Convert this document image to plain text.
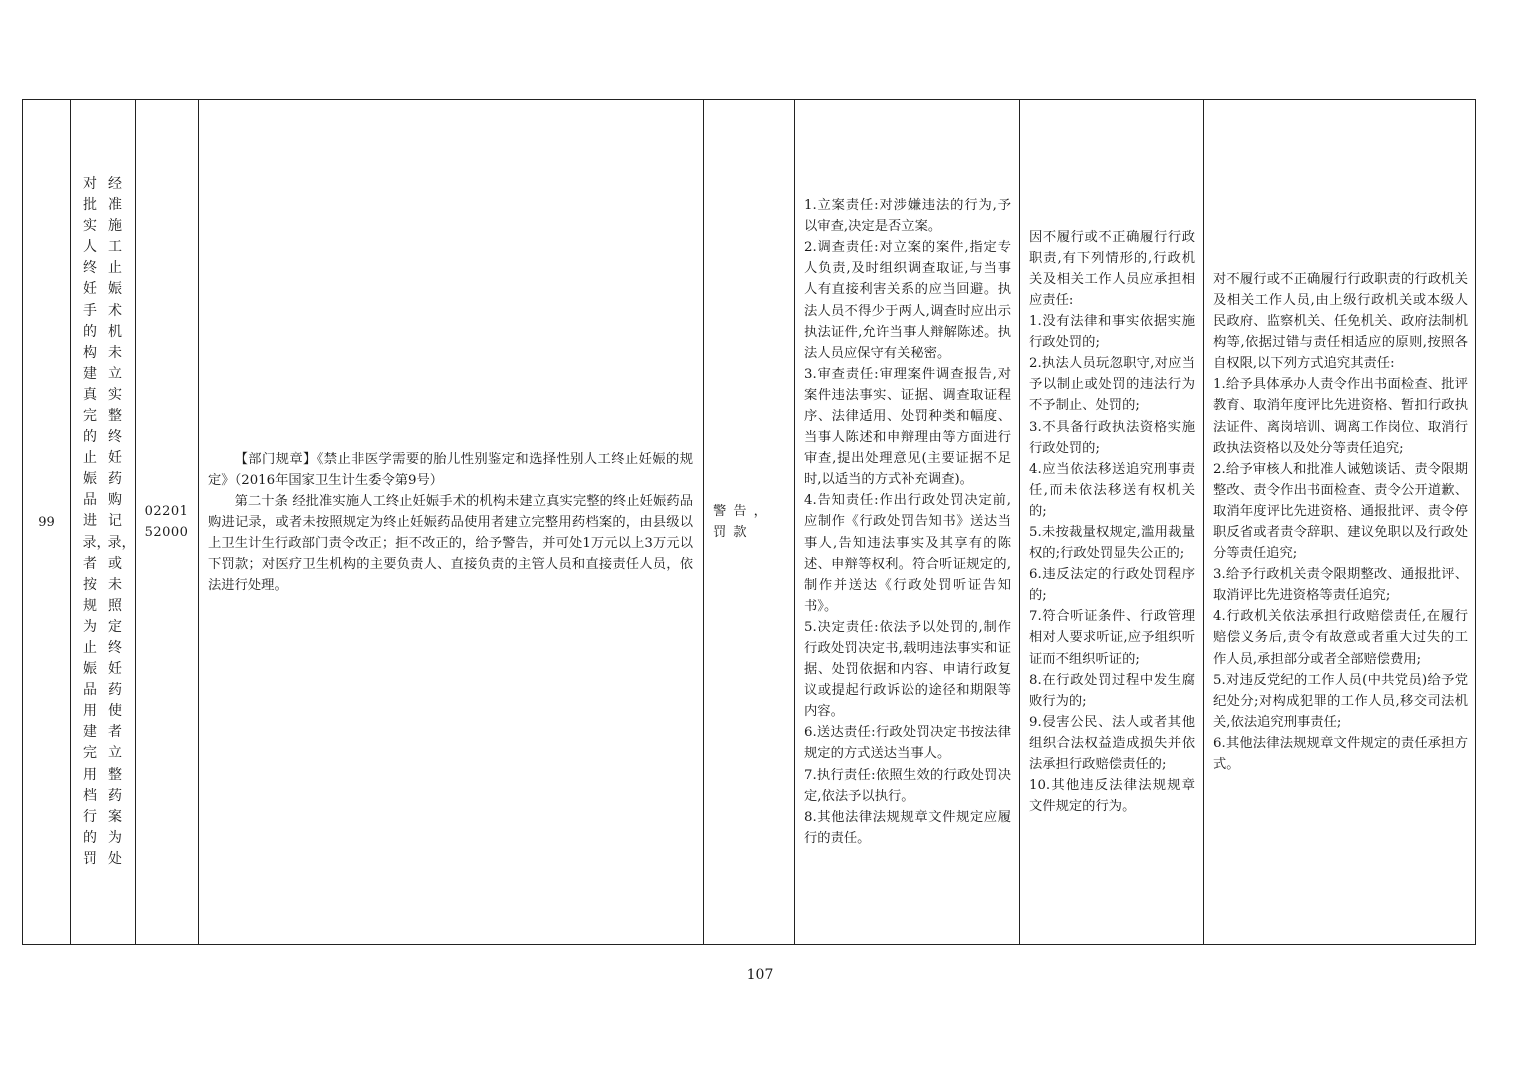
99
经准施工止娠术机未立实整终妊药购记录，或未照定终妊药使者立整药案为处
对批实人终妊手的构建真完的止娠品进录，者按规为止娠品用建完用档行的罚
02201
52000

【部门规章】《禁止非医学需要的胎儿性别鉴定和选择性别人工终止妊娠的规定》（2016年国家卫生计生委令第9号）

第二十条 经批准实施人工终止妊娠手术的机构未建立真实完整的终止妊娠药品购进记录，或者未按照规定为终止妊娠药品使用者建立完整用药档案的，由县级以上卫生计生行政部门责令改正；拒不改正的，给予警告，并可处1万元以上3万元以下罚款；对医疗卫生机构的主要负责人、直接负责的主管人员和直接责任人员，依法进行处理。

警告，罚款
1.立案责任:对涉嫌违法的行为,予以审查,决定是否立案。
2.调查责任:对立案的案件,指定专人负责,及时组织调查取证,与当事人有直接利害关系的应当回避。执法人员不得少于两人,调查时应出示执法证件,允许当事人辩解陈述。执法人员应保守有关秘密。
3.审查责任:审理案件调查报告,对案件违法事实、证据、调查取证程序、法律适用、处罚种类和幅度、当事人陈述和申辩理由等方面进行审查,提出处理意见(主要证据不足时,以适当的方式补充调查)。
4.告知责任:作出行政处罚决定前,应制作《行政处罚告知书》送达当事人,告知违法事实及其享有的陈述、申辩等权利。符合听证规定的,制作并送达《行政处罚听证告知书》。
5.决定责任:依法予以处罚的,制作行政处罚决定书,载明违法事实和证据、处罚依据和内容、申请行政复议或提起行政诉讼的途径和期限等内容。
6.送达责任:行政处罚决定书按法律规定的方式送达当事人。
7.执行责任:依照生效的行政处罚决定,依法予以执行。
8.其他法律法规规章文件规定应履行的责任。
因不履行或不正确履行行政职责,有下列情形的,行政机关及相关工作人员应承担相应责任:
1.没有法律和事实依据实施行政处罚的;
2.执法人员玩忽职守,对应当予以制止或处罚的违法行为不予制止、处罚的;
3.不具备行政执法资格实施行政处罚的;
4.应当依法移送追究刑事责任,而未依法移送有权机关的;
5.未按裁量权规定,滥用裁量权的;行政处罚显失公正的;
6.违反法定的行政处罚程序的;
7.符合听证条件、行政管理相对人要求听证,应予组织听证而不组织听证的;
8.在行政处罚过程中发生腐败行为的;
9.侵害公民、法人或者其他组织合法权益造成损失并依法承担行政赔偿责任的;
10.其他违反法律法规规章文件规定的行为。
对不履行或不正确履行行政职责的行政机关及相关工作人员,由上级行政机关或本级人民政府、监察机关、任免机关、政府法制机构等,依据过错与责任相适应的原则,按照各自权限,以下列方式追究其责任:
1.给予具体承办人责令作出书面检查、批评教育、取消年度评比先进资格、暂扣行政执法证件、离岗培训、调离工作岗位、取消行政执法资格以及处分等责任追究;
2.给予审核人和批准人诫勉谈话、责令限期整改、责令作出书面检查、责令公开道歉、取消年度评比先进资格、通报批评、责令停职反省或者责令辞职、建议免职以及行政处分等责任追究;
3.给予行政机关责令限期整改、通报批评、取消评比先进资格等责任追究;
4.行政机关依法承担行政赔偿责任,在履行赔偿义务后,责令有故意或者重大过失的工作人员,承担部分或者全部赔偿费用;
5.对违反党纪的工作人员(中共党员)给予党纪处分;对构成犯罪的工作人员,移交司法机关,依法追究刑事责任;
6.其他法律法规规章文件规定的责任承担方式。
107
